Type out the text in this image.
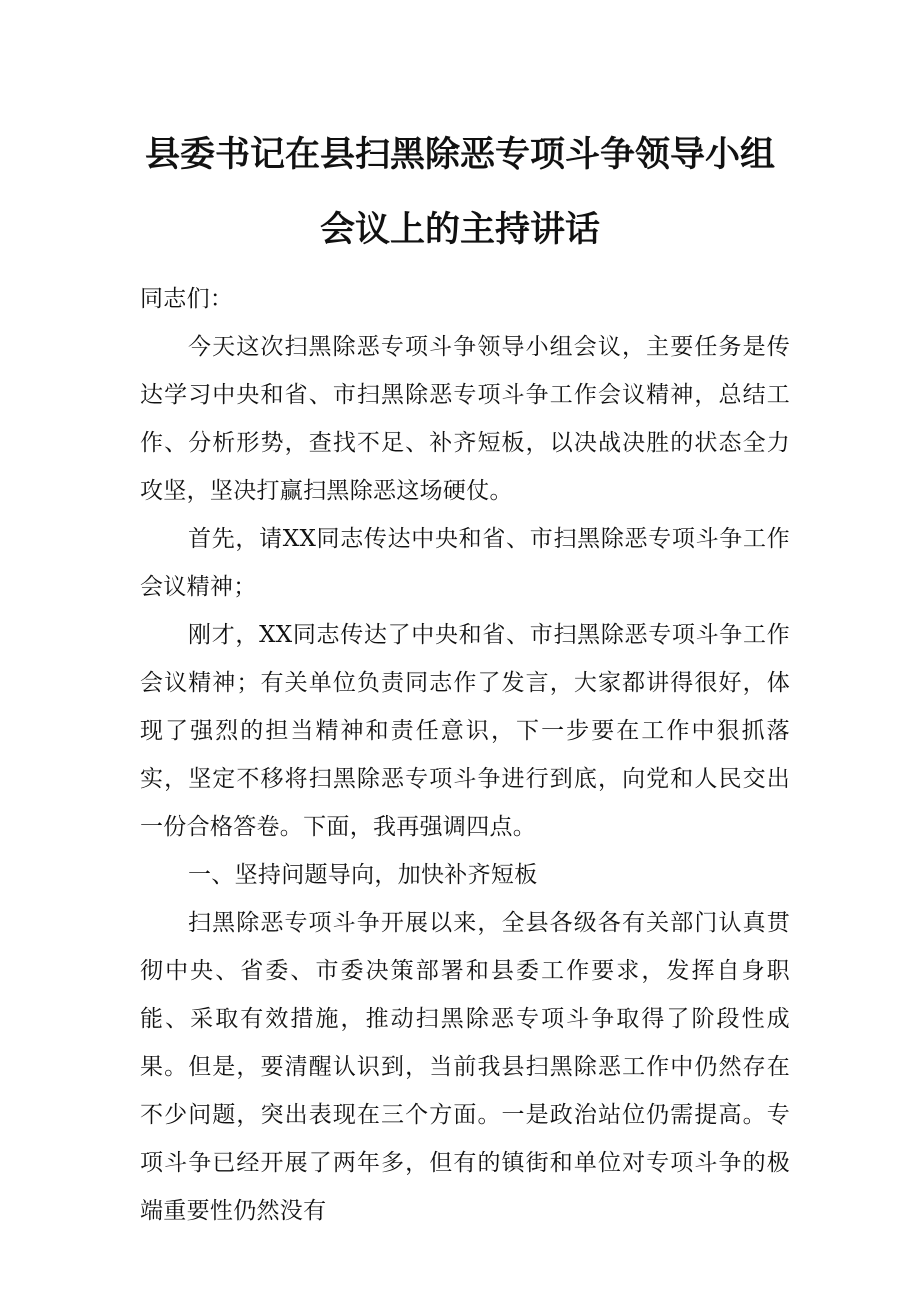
县委书记在县扫黑除恶专项斗争领导小组
会议上的主持讲话

同志们：

今天这次扫黑除恶专项斗争领导小组会议，主要任务是传达学习中央和省、市扫黑除恶专项斗争工作会议精神，总结工作、分析形势，查找不足、补齐短板，以决战决胜的状态全力攻坚，坚决打赢扫黑除恶这场硬仗。

首先，请XX同志传达中央和省、市扫黑除恶专项斗争工作会议精神；

刚才，XX同志传达了中央和省、市扫黑除恶专项斗争工作会议精神；有关单位负责同志作了发言，大家都讲得很好，体现了强烈的担当精神和责任意识，下一步要在工作中狠抓落实，坚定不移将扫黑除恶专项斗争进行到底，向党和人民交出一份合格答卷。下面，我再强调四点。

一、坚持问题导向，加快补齐短板

扫黑除恶专项斗争开展以来，全县各级各有关部门认真贯彻中央、省委、市委决策部署和县委工作要求，发挥自身职能、采取有效措施，推动扫黑除恶专项斗争取得了阶段性成果。但是，要清醒认识到，当前我县扫黑除恶工作中仍然存在不少问题，突出表现在三个方面。一是政治站位仍需提高。专项斗争已经开展了两年多，但有的镇街和单位对专项斗争的极端重要性仍然没有
